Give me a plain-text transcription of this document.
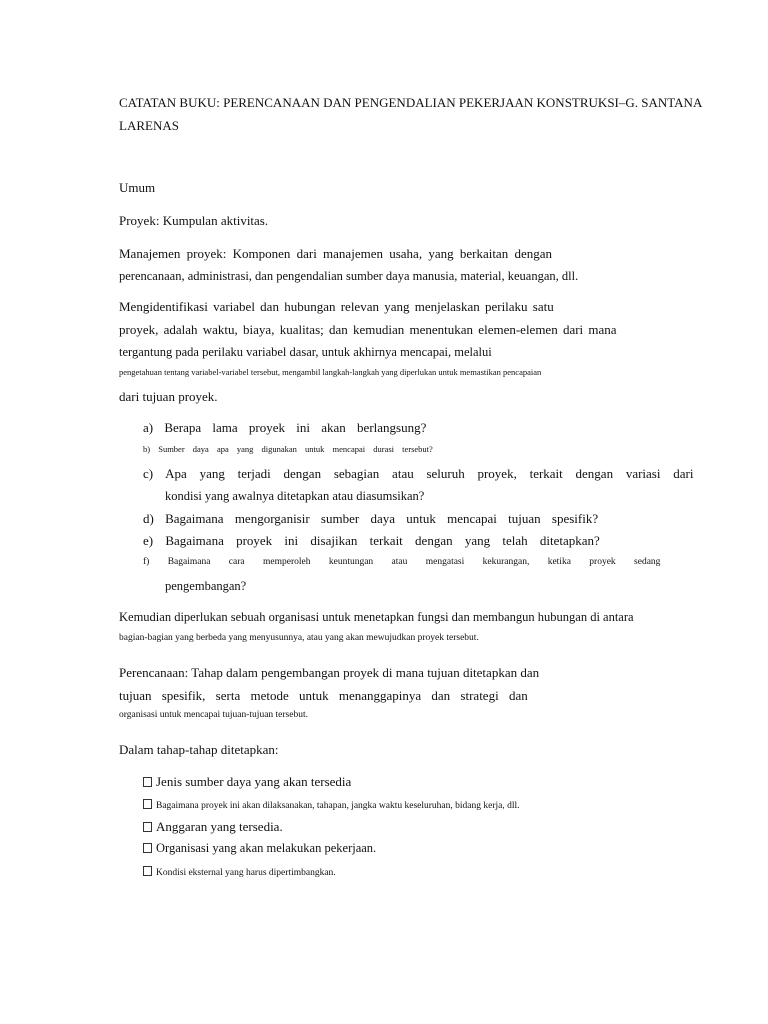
CATATAN BUKU: PERENCANAAN DAN PENGENDALIAN PEKERJAAN KONSTRUKSI–G. SANTANA
LARENAS
Umum
Proyek: Kumpulan aktivitas.
Manajemen proyek: Komponen dari manajemen usaha, yang berkaitan dengan
perencanaan, administrasi, dan pengendalian sumber daya manusia, material, keuangan, dll.
Mengidentifikasi variabel dan hubungan relevan yang menjelaskan perilaku satu
proyek, adalah waktu, biaya, kualitas; dan kemudian menentukan elemen-elemen dari mana
tergantung pada perilaku variabel dasar, untuk akhirnya mencapai, melalui
pengetahuan tentang variabel-variabel tersebut, mengambil langkah-langkah yang diperlukan untuk memastikan pencapaian
dari tujuan proyek.
a) Berapa lama proyek ini akan berlangsung?
b) Sumber daya apa yang digunakan untuk mencapai durasi tersebut?
c) Apa yang terjadi dengan sebagian atau seluruh proyek, terkait dengan variasi dari
kondisi yang awalnya ditetapkan atau diasumsikan?
d) Bagaimana mengorganisir sumber daya untuk mencapai tujuan spesifik?
e) Bagaimana proyek ini disajikan terkait dengan yang telah ditetapkan?
f) Bagaimana cara memperoleh keuntungan atau mengatasi kekurangan, ketika proyek sedang
pengembangan?
Kemudian diperlukan sebuah organisasi untuk menetapkan fungsi dan membangun hubungan di antara
bagian-bagian yang berbeda yang menyusunnya, atau yang akan mewujudkan proyek tersebut.
Perencanaan: Tahap dalam pengembangan proyek di mana tujuan ditetapkan dan
tujuan spesifik, serta metode untuk menanggapinya dan strategi dan
organisasi untuk mencapai tujuan-tujuan tersebut.
Dalam tahap-tahap ditetapkan:
Jenis sumber daya yang akan tersedia
Bagaimana proyek ini akan dilaksanakan, tahapan, jangka waktu keseluruhan, bidang kerja, dll.
Anggaran yang tersedia.
Organisasi yang akan melakukan pekerjaan.
Kondisi eksternal yang harus dipertimbangkan.
